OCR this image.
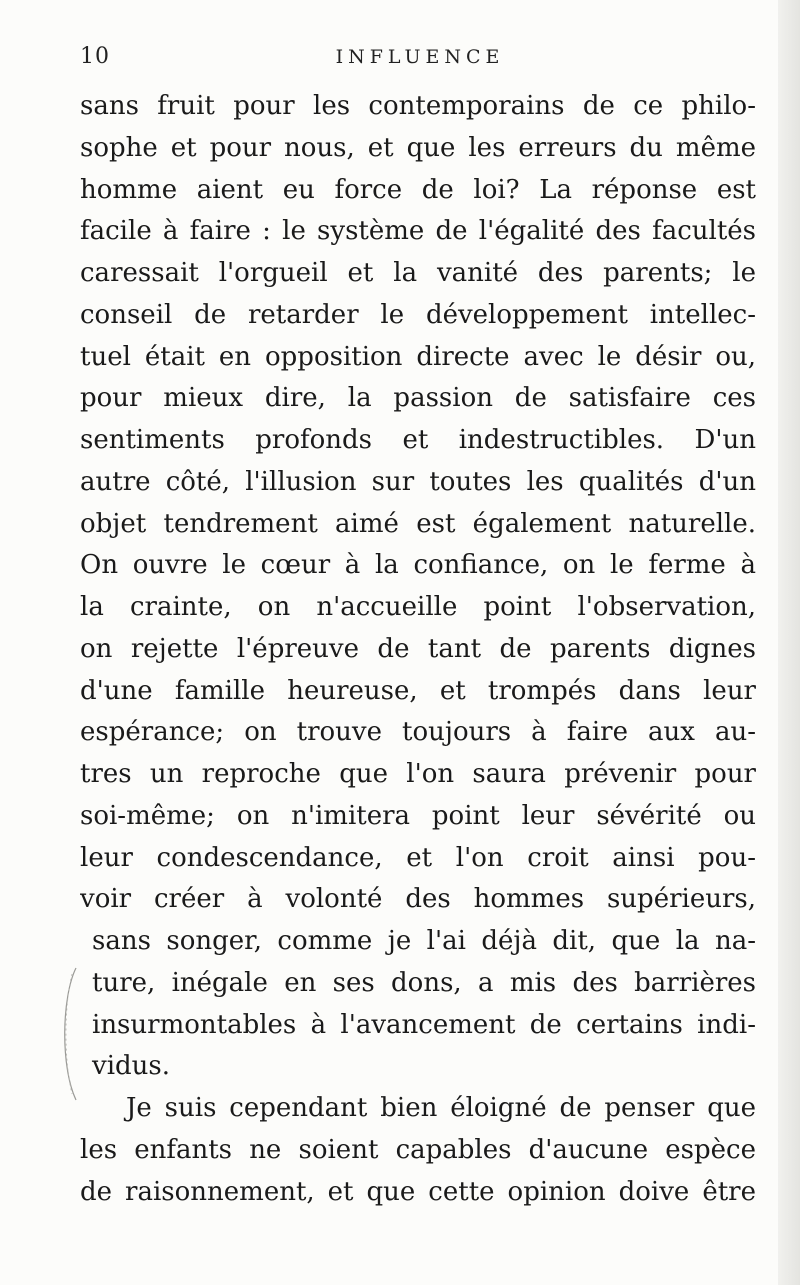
10	INFLUENCE
sans fruit pour les contemporains de ce philo-
sophe et pour nous, et que les erreurs du même
homme aient eu force de loi? La réponse est
facile à faire : le système de l'égalité des facultés
caressait l'orgueil et la vanité des parents; le
conseil de retarder le développement intellec-
tuel était en opposition directe avec le désir ou,
pour mieux dire, la passion de satisfaire ces
sentiments profonds et indestructibles. D'un
autre côté, l'illusion sur toutes les qualités d'un
objet tendrement aimé est également naturelle.
On ouvre le cœur à la confiance, on le ferme à
la crainte, on n'accueille point l'observation,
on rejette l'épreuve de tant de parents dignes
d'une famille heureuse, et trompés dans leur
espérance; on trouve toujours à faire aux au-
tres un reproche que l'on saura prévenir pour
soi-même; on n'imitera point leur sévérité ou
leur condescendance, et l'on croit ainsi pou-
voir créer à volonté des hommes supérieurs,
sans songer, comme je l'ai déjà dit, que la na-
ture, inégale en ses dons, a mis des barrières
insurmontables à l'avancement de certains indi-
vidus.
Je suis cependant bien éloigné de penser que
les enfants ne soient capables d'aucune espèce
de raisonnement, et que cette opinion doive être
